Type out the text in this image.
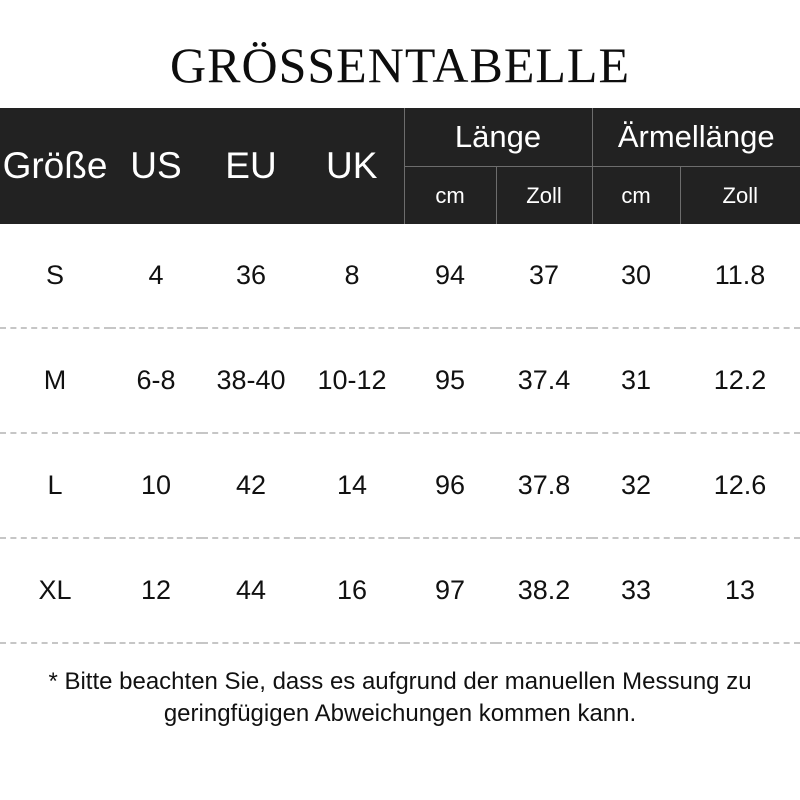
GRÖSSENTABELLE
Größe	US	EU	UK	Länge		Ärmellänge	

				cm	Zoll	cm	Zoll
S	4	36	8	94	37	30	11.8
M	6-8	38-40	10-12	95	37.4	31	12.2
L	10	42	14	96	37.8	32	12.6
XL	12	44	16	97	38.2	33	13
* Bitte beachten Sie, dass es aufgrund der manuellen Messung zu geringfügigen Abweichungen kommen kann.
